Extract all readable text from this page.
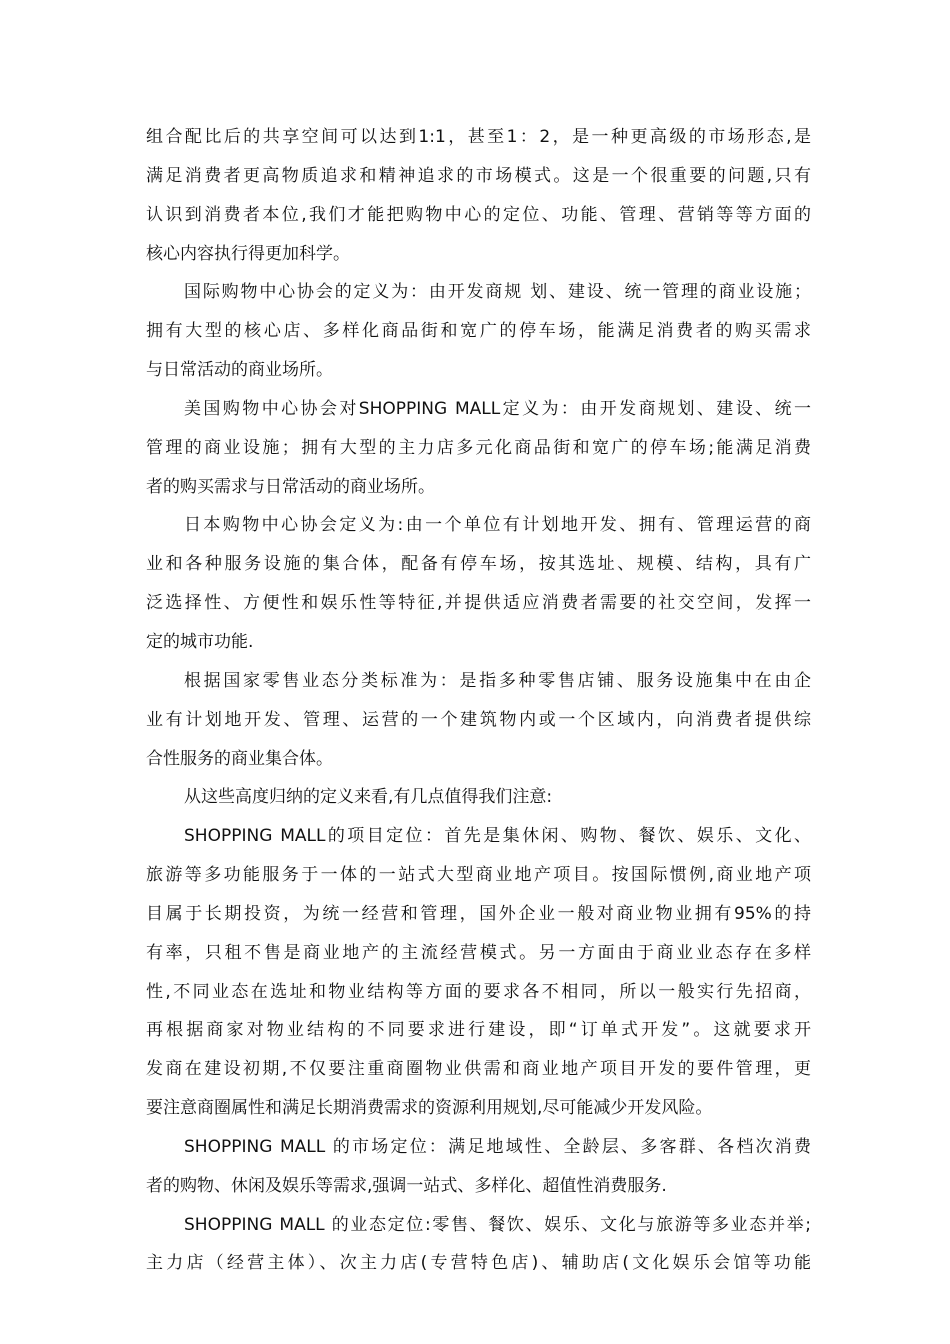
组合配比后的共享空间可以达到1:1，甚至1：2，是一种更高级的市场形态,是
满足消费者更高物质追求和精神追求的市场模式。这是一个很重要的问题,只有
认识到消费者本位,我们才能把购物中心的定位、功能、管理、营销等等方面的
核心内容执行得更加科学。
国际购物中心协会的定义为：由开发商规 划、建设、统一管理的商业设施；
拥有大型的核心店、多样化商品街和宽广的停车场，能满足消费者的购买需求
与日常活动的商业场所。
美国购物中心协会对SHOPPING MALL定义为：由开发商规划、建设、统一
管理的商业设施；拥有大型的主力店多元化商品街和宽广的停车场;能满足消费
者的购买需求与日常活动的商业场所。
日本购物中心协会定义为:由一个单位有计划地开发、拥有、管理运营的商
业和各种服务设施的集合体，配备有停车场，按其选址、规模、结构，具有广
泛选择性、方便性和娱乐性等特征,并提供适应消费者需要的社交空间，发挥一
定的城市功能.
根据国家零售业态分类标准为：是指多种零售店铺、服务设施集中在由企
业有计划地开发、管理、运营的一个建筑物内或一个区域内，向消费者提供综
合性服务的商业集合体。
从这些高度归纳的定义来看,有几点值得我们注意:
SHOPPING MALL的项目定位：首先是集休闲、购物、餐饮、娱乐、文化、
旅游等多功能服务于一体的一站式大型商业地产项目。按国际惯例,商业地产项
目属于长期投资，为统一经营和管理，国外企业一般对商业物业拥有95%的持
有率，只租不售是商业地产的主流经营模式。另一方面由于商业业态存在多样
性,不同业态在选址和物业结构等方面的要求各不相同，所以一般实行先招商，
再根据商家对物业结构的不同要求进行建设，即“订单式开发”。这就要求开
发商在建设初期,不仅要注重商圈物业供需和商业地产项目开发的要件管理，更
要注意商圈属性和满足长期消费需求的资源利用规划,尽可能减少开发风险。
SHOPPING MALL 的市场定位：满足地域性、全龄层、多客群、各档次消费
者的购物、休闲及娱乐等需求,强调一站式、多样化、超值性消费服务.
SHOPPING MALL 的业态定位:零售、餐饮、娱乐、文化与旅游等多业态并举;
主力店（经营主体）、次主力店(专营特色店)、辅助店(文化娱乐会馆等功能
